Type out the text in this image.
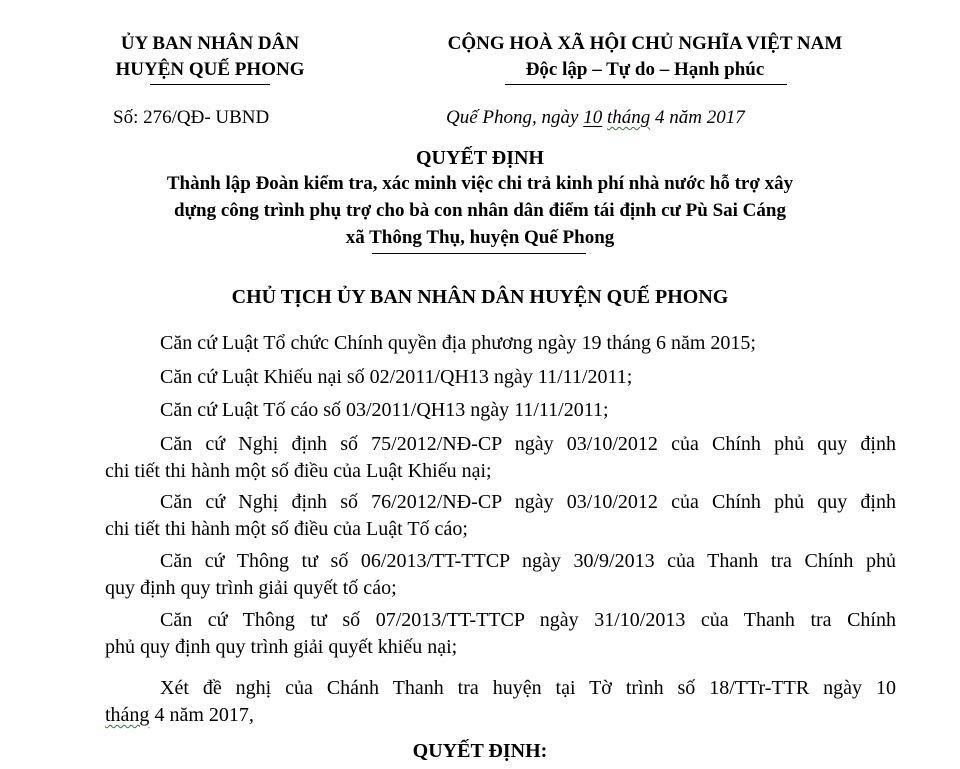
ỦY BAN NHÂN DÂN
HUYỆN QUẾ PHONG
CỘNG HOÀ XÃ HỘI CHỦ NGHĨA VIỆT NAM
Độc lập – Tự do – Hạnh phúc
Số: 276/QĐ- UBND	Quế Phong, ngày 10 tháng 4 năm 2017
QUYẾT ĐỊNH
Thành lập Đoàn kiểm tra, xác minh việc chi trả kinh phí nhà nước hỗ trợ xây
dựng công trình phụ trợ cho bà con nhân dân điểm tái định cư Pù Sai Cáng
xã Thông Thụ, huyện Quế Phong
CHỦ TỊCH ỦY BAN NHÂN DÂN HUYỆN QUẾ PHONG
Căn cứ Luật Tổ chức Chính quyền địa phương ngày 19 tháng 6 năm 2015;
Căn cứ Luật Khiếu nại số 02/2011/QH13 ngày 11/11/2011;
Căn cứ Luật Tố cáo số 03/2011/QH13 ngày 11/11/2011;
Căn cứ Nghị định số 75/2012/NĐ-CP ngày 03/10/2012 của Chính phủ quy định
chi tiết thi hành một số điều của Luật Khiếu nại;
Căn cứ Nghị định số 76/2012/NĐ-CP ngày 03/10/2012 của Chính phủ quy định
chi tiết thi hành một số điều của Luật Tố cáo;
Căn cứ Thông tư số 06/2013/TT-TTCP ngày 30/9/2013 của Thanh tra Chính phủ
quy định quy trình giải quyết tố cáo;
Căn cứ Thông tư số 07/2013/TT-TTCP ngày 31/10/2013 của Thanh tra Chính
phủ quy định quy trình giải quyết khiếu nại;
Xét đề nghị của Chánh Thanh tra huyện tại Tờ trình số 18/TTr-TTR ngày 10
tháng 4 năm 2017,
QUYẾT ĐỊNH:
